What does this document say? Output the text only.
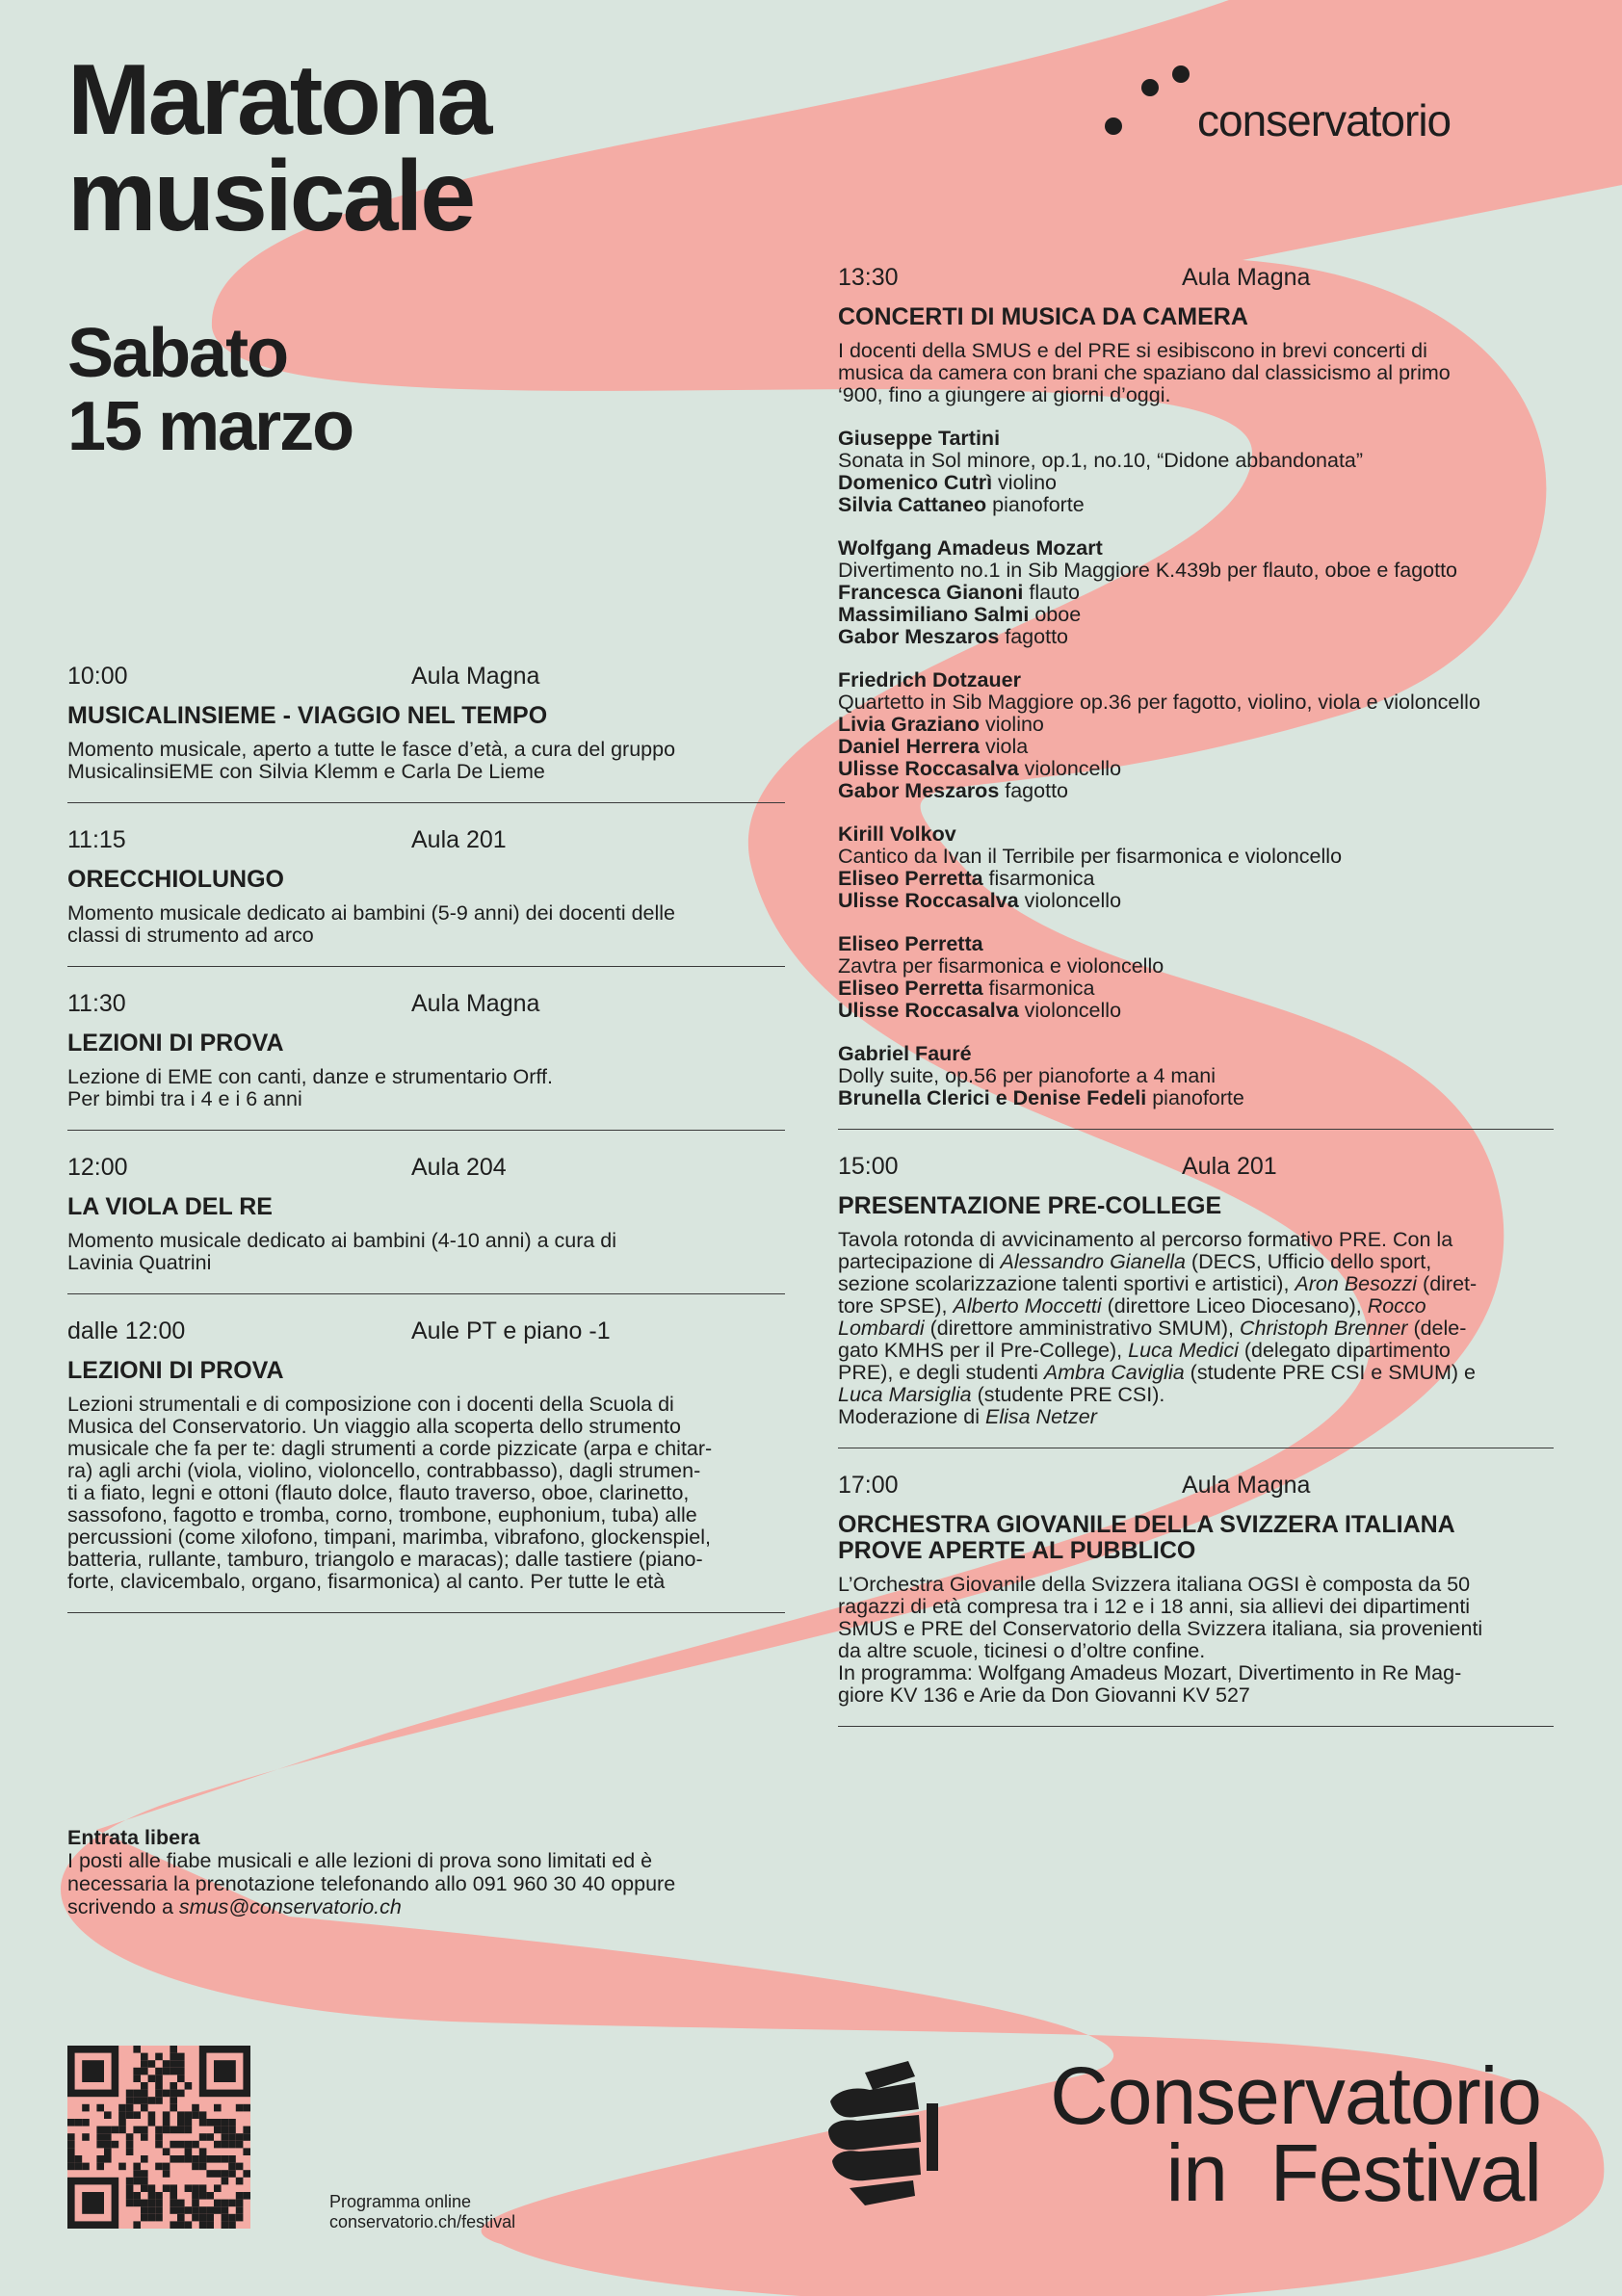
Maratona
musicale
Sabato
15 marzo
conservatorio
10:00	Aula Magna
MUSICALINSIEME - VIAGGIO NEL TEMPO
Momento musicale, aperto a tutte le fasce d’età, a cura del gruppo
MusicalinsiEME con Silvia Klemm e Carla De Lieme
11:15	Aula 201
ORECCHIOLUNGO
Momento musicale dedicato ai bambini (5-9 anni) dei docenti delle
classi di strumento ad arco
11:30	Aula Magna
LEZIONI DI PROVA
Lezione di EME con canti, danze e strumentario Orff.
Per bimbi tra i 4 e i 6 anni
12:00	Aula 204
LA VIOLA DEL RE
Momento musicale dedicato ai bambini (4-10 anni) a cura di
Lavinia Quatrini
dalle 12:00	Aule PT e piano -1
LEZIONI DI PROVA
Lezioni strumentali e di composizione con i docenti della Scuola di
Musica del Conservatorio. Un viaggio alla scoperta dello strumento
musicale che fa per te: dagli strumenti a corde pizzicate (arpa e chitar-
ra) agli archi (viola, violino, violoncello, contrabbasso), dagli strumen-
ti a fiato, legni e ottoni (flauto dolce, flauto traverso, oboe, clarinetto,
sassofono, fagotto e tromba, corno, trombone, euphonium, tuba) alle
percussioni (come xilofono, timpani, marimba, vibrafono, glockenspiel,
batteria, rullante, tamburo, triangolo e maracas); dalle tastiere (piano-
forte, clavicembalo, organo, fisarmonica) al canto. Per tutte le età
13:30	Aula Magna
CONCERTI DI MUSICA DA CAMERA
I docenti della SMUS e del PRE si esibiscono in brevi concerti di
musica da camera con brani che spaziano dal classicismo al primo
‘900, fino a giungere ai giorni d’oggi.
Giuseppe Tartini
Sonata in Sol minore, op.1, no.10, “Didone abbandonata”
Domenico Cutrì violino
Silvia Cattaneo pianoforte
Wolfgang Amadeus Mozart
Divertimento no.1 in Sib Maggiore K.439b per flauto, oboe e fagotto
Francesca Gianoni flauto
Massimiliano Salmi oboe
Gabor Meszaros fagotto
Friedrich Dotzauer
Quartetto in Sib Maggiore op.36 per fagotto, violino, viola e violoncello
Livia Graziano violino
Daniel Herrera viola
Ulisse Roccasalva violoncello
Gabor Meszaros fagotto
Kirill Volkov
Cantico da Ivan il Terribile per fisarmonica e violoncello
Eliseo Perretta fisarmonica
Ulisse Roccasalva violoncello
Eliseo Perretta
Zavtra per fisarmonica e violoncello
Eliseo Perretta fisarmonica
Ulisse Roccasalva violoncello
Gabriel Fauré
Dolly suite, op.56 per pianoforte a 4 mani
Brunella Clerici e Denise Fedeli pianoforte
15:00	Aula 201
PRESENTAZIONE PRE-COLLEGE
Tavola rotonda di avvicinamento al percorso formativo PRE. Con la
partecipazione di Alessandro Gianella (DECS, Ufficio dello sport,
sezione scolarizzazione talenti sportivi e artistici), Aron Besozzi (diret-
tore SPSE), Alberto Moccetti (direttore Liceo Diocesano), Rocco
Lombardi (direttore amministrativo SMUM), Christoph Brenner (dele-
gato KMHS per il Pre-College), Luca Medici (delegato dipartimento
PRE), e degli studenti Ambra Caviglia (studente PRE CSI e SMUM) e
Luca Marsiglia (studente PRE CSI).
Moderazione di Elisa Netzer
17:00	Aula Magna
ORCHESTRA GIOVANILE DELLA SVIZZERA ITALIANA
PROVE APERTE AL PUBBLICO
L’Orchestra Giovanile della Svizzera italiana OGSI è composta da 50
ragazzi di età compresa tra i 12 e i 18 anni, sia allievi dei dipartimenti
SMUS e PRE del Conservatorio della Svizzera italiana, sia provenienti
da altre scuole, ticinesi o d’oltre confine.
In programma: Wolfgang Amadeus Mozart, Divertimento in Re Mag-
giore KV 136 e Arie da Don Giovanni KV 527
Entrata libera
I posti alle fiabe musicali e alle lezioni di prova sono limitati ed è
necessaria la prenotazione telefonando allo 091 960 30 40 oppure
scrivendo a smus@conservatorio.ch
Programma online
conservatorio.ch/festival
Conservatorio
in  Festival
